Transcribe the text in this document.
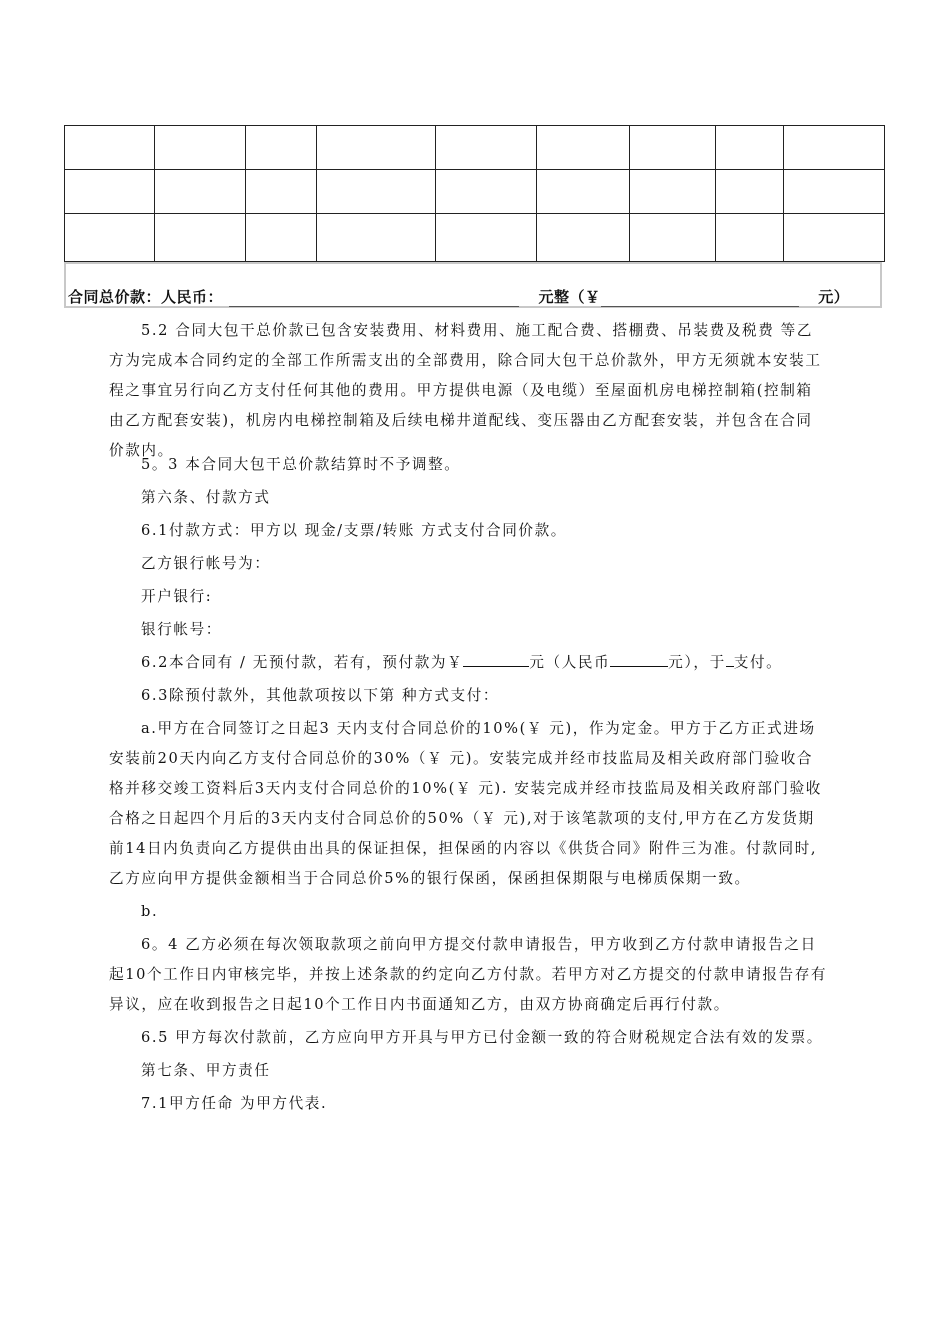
合同总价款：人民币：	元整（￥	元）

5.2 合同大包干总价款已包含安装费用、材料费用、施工配合费、搭棚费、吊装费及税费 等乙方为完成本合同约定的全部工作所需支出的全部费用，除合同大包干总价款外，甲方无须就本安装工程之事宜另行向乙方支付任何其他的费用。甲方提供电源（及电缆）至屋面机房电梯控制箱(控制箱由乙方配套安装)，机房内电梯控制箱及后续电梯井道配线、变压器由乙方配套安装，并包含在合同价款内。

5。3 本合同大包干总价款结算时不予调整。

第六条、付款方式

6.1付款方式：甲方以 现金/支票/转账 方式支付合同价款。

乙方银行帐号为：

开户银行:

银行帐号：

6.2本合同有 / 无预付款，若有，预付款为￥	元（人民币	元），于 支付。

6.3除预付款外，其他款项按以下第 种方式支付：

a.甲方在合同签订之日起3 天内支付合同总价的10%(￥ 元)，作为定金。甲方于乙方正式进场安装前20天内向乙方支付合同总价的30%（￥ 元)。安装完成并经市技监局及相关政府部门验收合格并移交竣工资料后3天内支付合同总价的10%(￥ 元). 安装完成并经市技监局及相关政府部门验收合格之日起四个月后的3天内支付合同总价的50%（￥ 元),对于该笔款项的支付,甲方在乙方发货期前14日内负责向乙方提供由出具的保证担保，担保函的内容以《供货合同》附件三为准。付款同时,乙方应向甲方提供金额相当于合同总价5%的银行保函，保函担保期限与电梯质保期一致。

b.

6。4 乙方必须在每次领取款项之前向甲方提交付款申请报告，甲方收到乙方付款申请报告之日起10个工作日内审核完毕，并按上述条款的约定向乙方付款。若甲方对乙方提交的付款申请报告存有异议，应在收到报告之日起10个工作日内书面通知乙方，由双方协商确定后再行付款。

6.5 甲方每次付款前，乙方应向甲方开具与甲方已付金额一致的符合财税规定合法有效的发票。

第七条、甲方责任

7.1甲方任命 为甲方代表.
